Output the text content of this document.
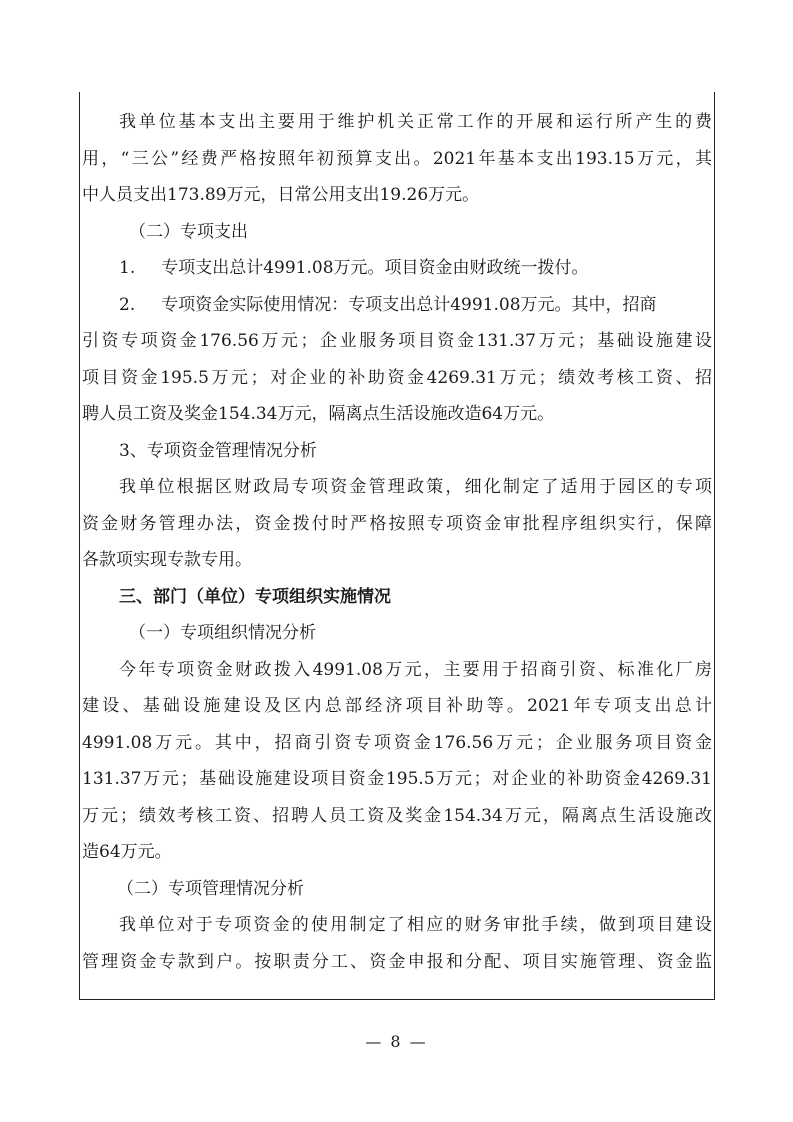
我单位基本支出主要用于维护机关正常工作的开展和运行所产生的费
用，“三公”经费严格按照年初预算支出。2021年基本支出193.15万元，其
中人员支出173.89万元，日常公用支出19.26万元。
（二）专项支出
1. 专项支出总计4991.08万元。项目资金由财政统一拨付。
2. 专项资金实际使用情况：专项支出总计4991.08万元。其中，招商
引资专项资金176.56万元；企业服务项目资金131.37万元；基础设施建设
项目资金195.5万元；对企业的补助资金4269.31万元；绩效考核工资、招
聘人员工资及奖金154.34万元，隔离点生活设施改造64万元。
3、专项资金管理情况分析
我单位根据区财政局专项资金管理政策，细化制定了适用于园区的专项
资金财务管理办法，资金拨付时严格按照专项资金审批程序组织实行，保障
各款项实现专款专用。
三、部门（单位）专项组织实施情况
（一）专项组织情况分析
今年专项资金财政拨入4991.08万元，主要用于招商引资、标准化厂房
建设、基础设施建设及区内总部经济项目补助等。2021年专项支出总计
4991.08万元。其中，招商引资专项资金176.56万元；企业服务项目资金
131.37万元；基础设施建设项目资金195.5万元；对企业的补助资金4269.31
万元；绩效考核工资、招聘人员工资及奖金154.34万元，隔离点生活设施改
造64万元。
（二）专项管理情况分析
我单位对于专项资金的使用制定了相应的财务审批手续，做到项目建设
管理资金专款到户。按职责分工、资金申报和分配、项目实施管理、资金监
— 8 —
